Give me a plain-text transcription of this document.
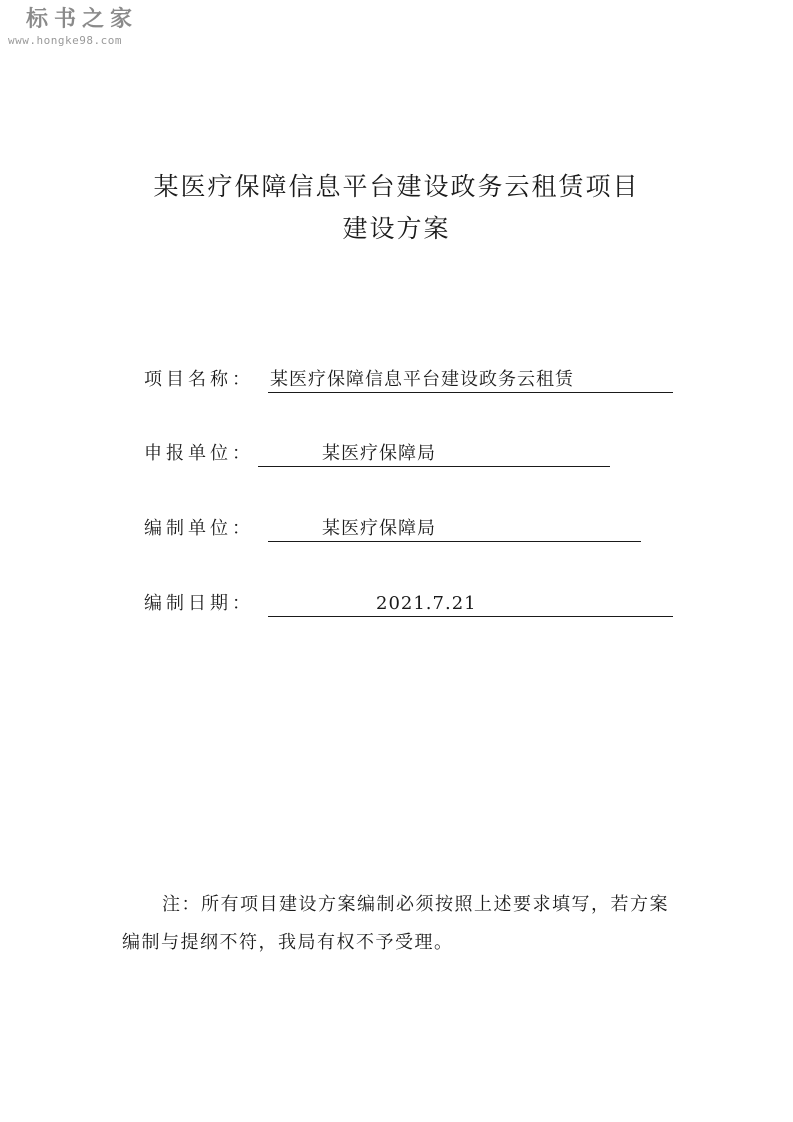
标书之家
www.hongke98.com
某医疗保障信息平台建设政务云租赁项目
建设方案
项目名称： 某医疗保障信息平台建设政务云租赁
申报单位：	某医疗保障局
编制单位：	某医疗保障局
编制日期：	2021.7.21
注：所有项目建设方案编制必须按照上述要求填写，若方案编制与提纲不符，我局有权不予受理。
